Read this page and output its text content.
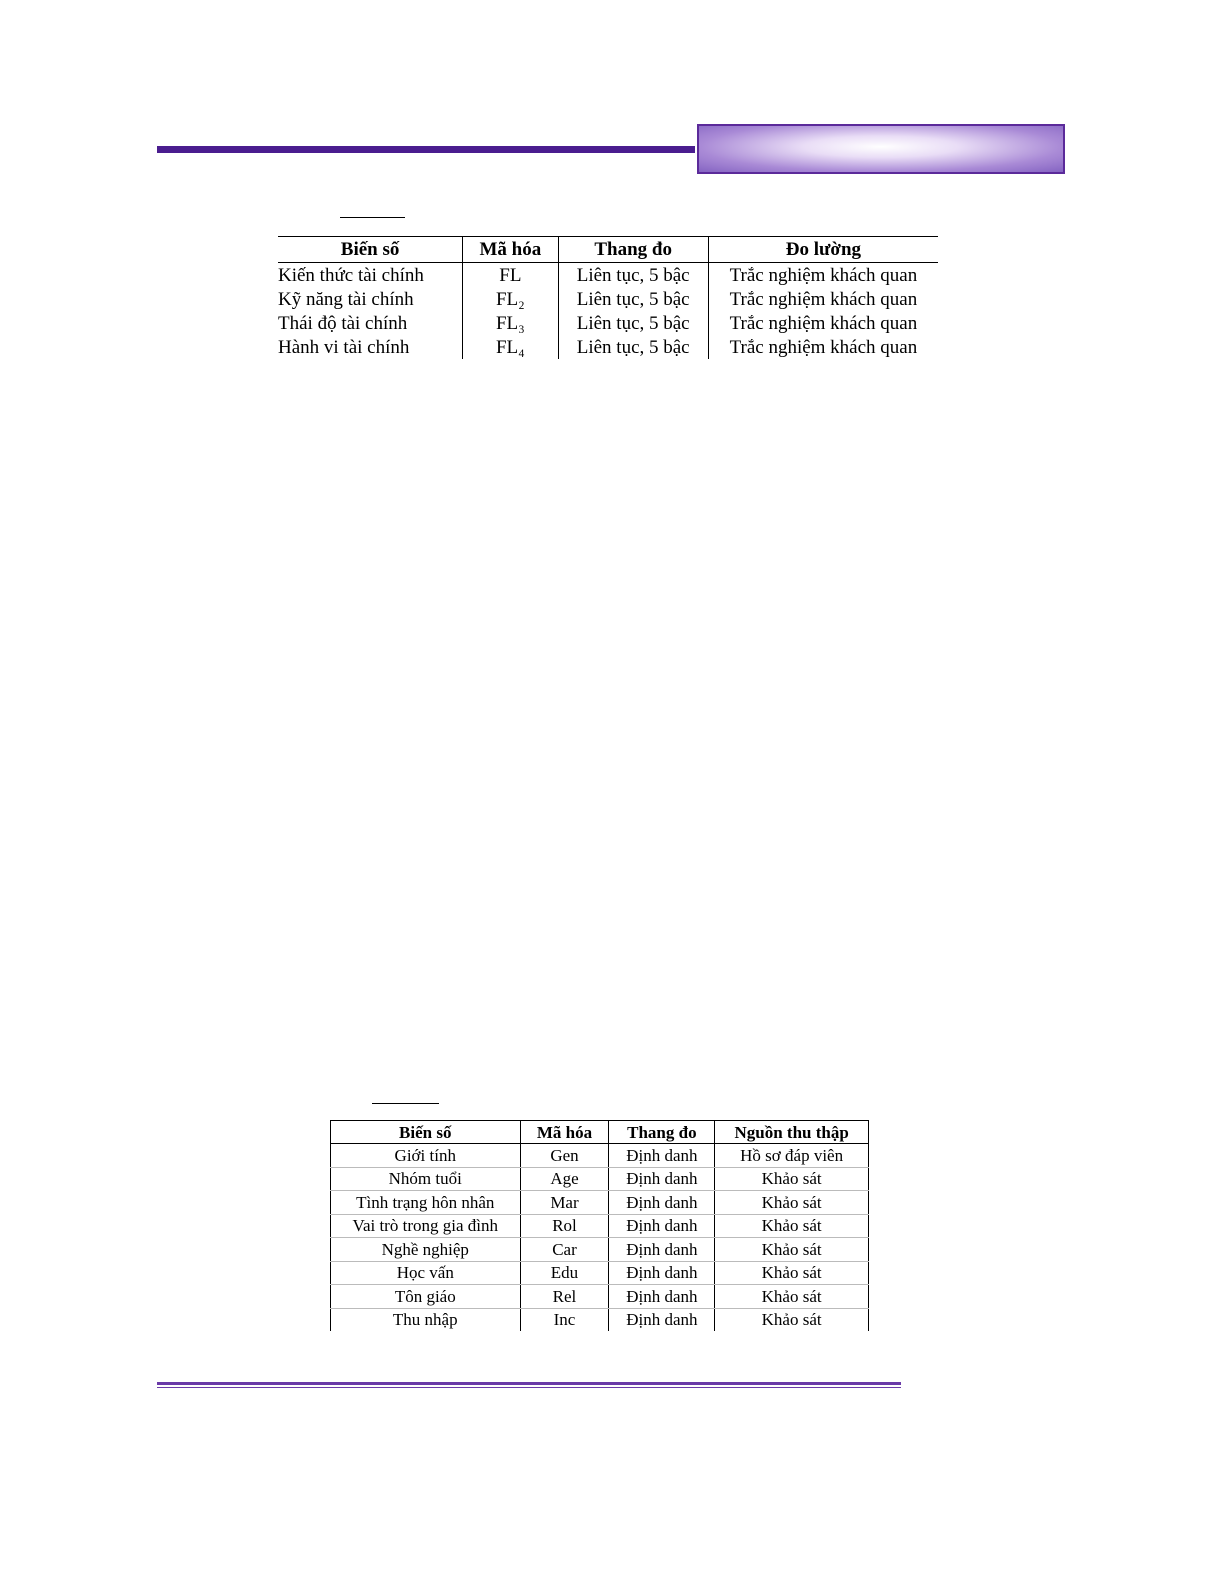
Biến số	Mã hóa	Thang đo	Đo lường
Kiến thức tài chính	FL	Liên tục, 5 bậc	Trắc nghiệm khách quan
Kỹ năng tài chính	FL₂	Liên tục, 5 bậc	Trắc nghiệm khách quan
Thái độ tài chính	FL₃	Liên tục, 5 bậc	Trắc nghiệm khách quan
Hành vi tài chính	FL₄	Liên tục, 5 bậc	Trắc nghiệm khách quan
Biến số	Mã hóa	Thang đo	Nguồn thu thập
Giới tính	Gen	Định danh	Hồ sơ đáp viên
Nhóm tuổi	Age	Định danh	Khảo sát
Tình trạng hôn nhân	Mar	Định danh	Khảo sát
Vai trò trong gia đình	Rol	Định danh	Khảo sát
Nghề nghiệp	Car	Định danh	Khảo sát
Học vấn	Edu	Định danh	Khảo sát
Tôn giáo	Rel	Định danh	Khảo sát
Thu nhập	Inc	Định danh	Khảo sát
